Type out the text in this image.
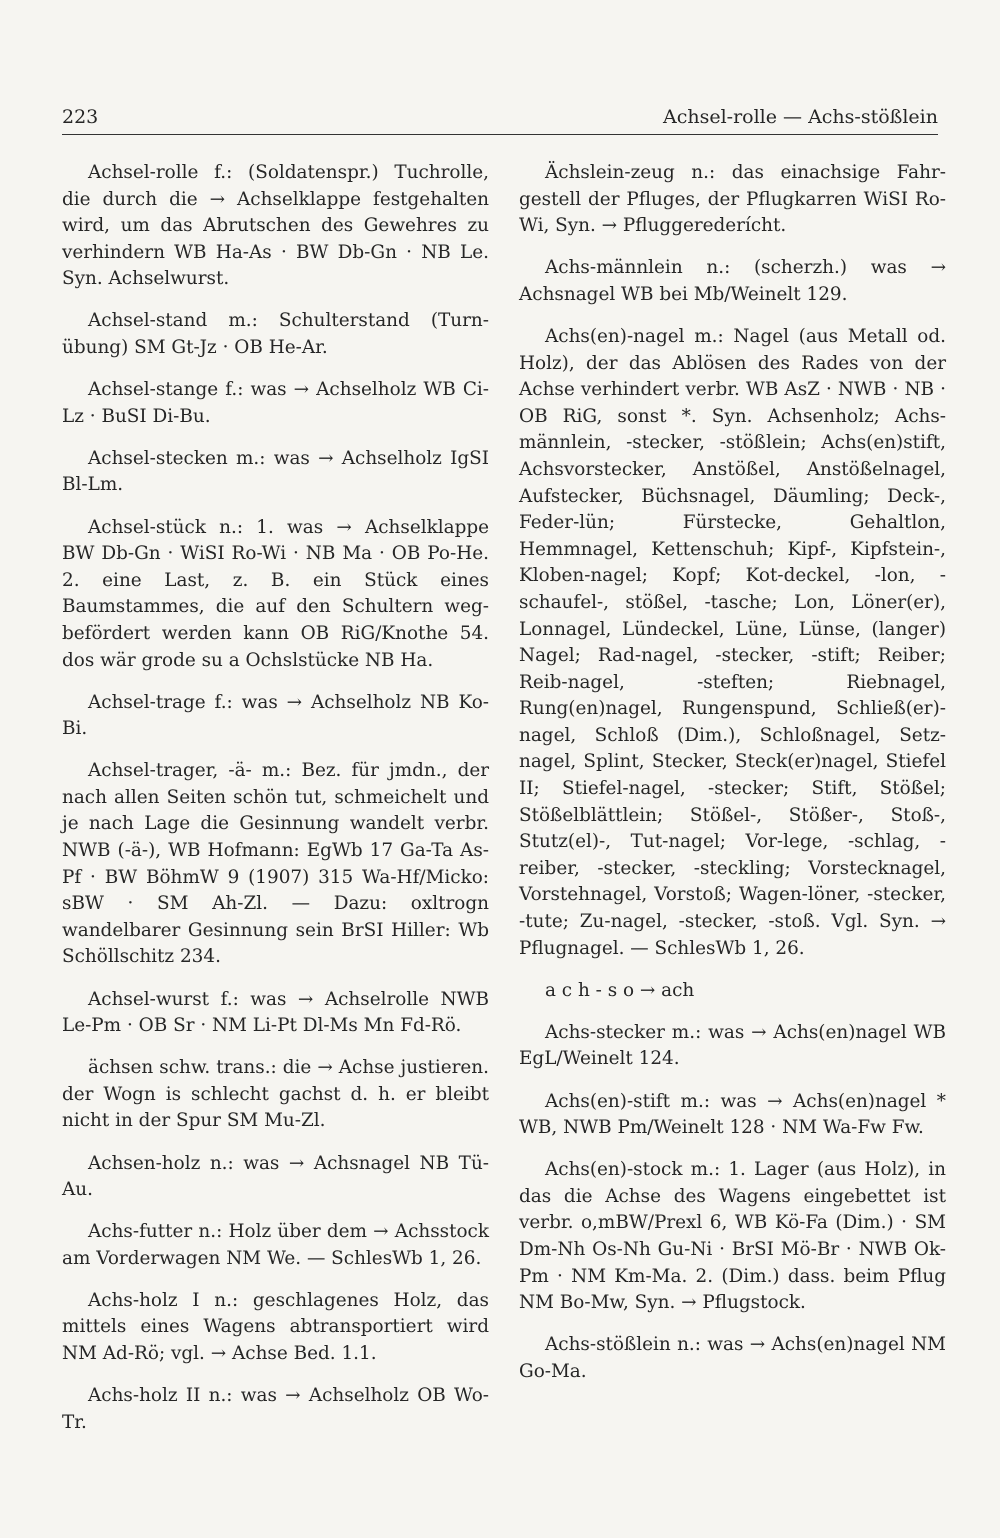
223	Achsel-rolle — Achs-stößlein

Achsel-rolle f.: (Soldatenspr.) Tuchrolle, die durch die → Achselklappe festgehalten wird, um das Abrutschen des Gewehres zu verhindern WB Ha-As · BW Db-Gn · NB Le. Syn. Achselwurst.

Achsel-stand m.: Schulterstand (Turnübung) SM Gt-Jz · OB He-Ar.

Achsel-stange f.: was → Achselholz WB Ci-Lz · BuSI Di-Bu.

Achsel-stecken m.: was → Achselholz IgSI Bl-Lm.

Achsel-stück n.: 1. was → Achselklappe BW Db-Gn · WiSI Ro-Wi · NB Ma · OB Po-He. 2. eine Last, z. B. ein Stück eines Baumstammes, die auf den Schultern wegbefördert werden kann OB RiG/Knothe 54. dos wär grode su a Ochslstücke NB Ha.

Achsel-trage f.: was → Achselholz NB Ko-Bi.

Achsel-trager, -ä- m.: Bez. für jmdn., der nach allen Seiten schön tut, schmeichelt und je nach Lage die Gesinnung wandelt verbr. NWB (-ä-), WB Hofmann: EgWb 17 Ga-Ta As-Pf · BW BöhmW 9 (1907) 315 Wa-Hf/Micko: sBW · SM Ah-Zl. — Dazu: oxltrogn wandelbarer Gesinnung sein BrSI Hiller: Wb Schöllschitz 234.

Achsel-wurst f.: was → Achselrolle NWB Le-Pm · OB Sr · NM Li-Pt Dl-Ms Mn Fd-Rö.

ächsen schw. trans.: die → Achse justieren. der Wogn is schlecht gachst d. h. er bleibt nicht in der Spur SM Mu-Zl.

Achsen-holz n.: was → Achsnagel NB Tü-Au.

Achs-futter n.: Holz über dem → Achsstock am Vorderwagen NM We. — SchlesWb 1, 26.

Achs-holz I n.: geschlagenes Holz, das mittels eines Wagens abtransportiert wird NM Ad-Rö; vgl. → Achse Bed. 1.1.

Achs-holz II n.: was → Achselholz OB Wo-Tr.

Ächslein-zeug n.: das einachsige Fahrgestell der Pfluges, der Pflugkarren WiSI Ro-Wi, Syn. → Pfluggerederícht.

Achs-männlein n.: (scherzh.) was → Achsnagel WB bei Mb/Weinelt 129.

Achs(en)-nagel m.: Nagel (aus Metall od. Holz), der das Ablösen des Rades von der Achse verhindert verbr. WB AsZ · NWB · NB · OB RiG, sonst *. Syn. Achsenholz; Achs-männlein, -stecker, -stößlein; Achs(en)stift, Achsvorstecker, Anstößel, Anstößelnagel, Aufstecker, Büchsnagel, Däumling; Deck-, Feder-lün; Fürstecke, Gehaltlon, Hemmnagel, Kettenschuh; Kipf-, Kipfstein-, Kloben-nagel; Kopf; Kot-deckel, -lon, -schaufel-, stößel, -tasche; Lon, Löner(er), Lonnagel, Lündeckel, Lüne, Lünse, (langer) Nagel; Rad-nagel, -stecker, -stift; Reiber; Reib-nagel, -steften; Riebnagel, Rung(en)nagel, Rungenspund, Schließ(er)nagel, Schloß (Dim.), Schloßnagel, Setznagel, Splint, Stecker, Steck(er)nagel, Stiefel II; Stiefel-nagel, -stecker; Stift, Stößel; Stößelblättlein; Stößel-, Stößer-, Stoß-, Stutz(el)-, Tut-nagel; Vor-lege, -schlag, -reiber, -stecker, -steckling; Vorstecknagel, Vorstehnagel, Vorstoß; Wagen-löner, -stecker, -tute; Zu-nagel, -stecker, -stoß. Vgl. Syn. → Pflugnagel. — SchlesWb 1, 26.

a c h - s o → ach

Achs-stecker m.: was → Achs(en)nagel WB EgL/Weinelt 124.

Achs(en)-stift m.: was → Achs(en)nagel * WB, NWB Pm/Weinelt 128 · NM Wa-Fw Fw.

Achs(en)-stock m.: 1. Lager (aus Holz), in das die Achse des Wagens eingebettet ist verbr. o,mBW/Prexl 6, WB Kö-Fa (Dim.) · SM Dm-Nh Os-Nh Gu-Ni · BrSI Mö-Br · NWB Ok-Pm · NM Km-Ma. 2. (Dim.) dass. beim Pflug NM Bo-Mw, Syn. → Pflugstock.

Achs-stößlein n.: was → Achs(en)nagel NM Go-Ma.
